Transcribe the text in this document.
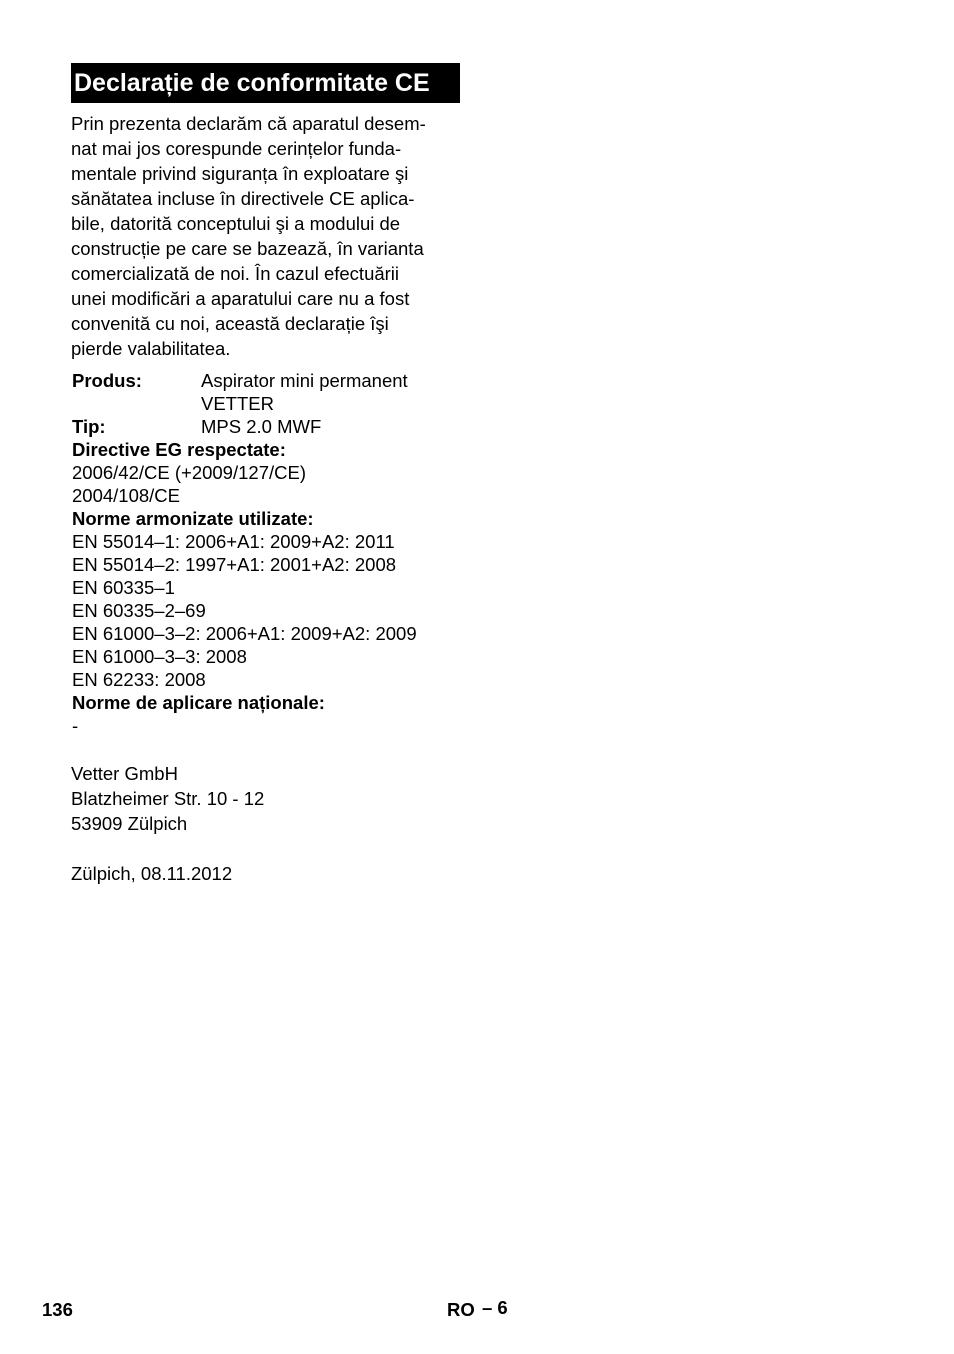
Declarație de conformitate CE
Prin prezenta declarăm că aparatul desem-
nat mai jos corespunde cerințelor funda-
mentale privind siguranța în exploatare şi
sănătatea incluse în directivele CE aplica-
bile, datorită conceptului şi a modului de
construcție pe care se bazează, în varianta
comercializată de noi. În cazul efectuării
unei modificări a aparatului care nu a fost
convenită cu noi, această declarație îşi
pierde valabilitatea.
Produs:	Aspirator mini permanent
VETTER
Tip:	MPS 2.0 MWF
Directive EG respectate:
2006/42/CE (+2009/127/CE)
2004/108/CE
Norme armonizate utilizate:
EN 55014–1: 2006+A1: 2009+A2: 2011
EN 55014–2: 1997+A1: 2001+A2: 2008
EN 60335–1
EN 60335–2–69
EN 61000–3–2: 2006+A1: 2009+A2: 2009
EN 61000–3–3: 2008
EN 62233: 2008
Norme de aplicare naționale:
-
Vetter GmbH
Blatzheimer Str. 10 - 12
53909 Zülpich
Zülpich, 08.11.2012
136	RO – 6
